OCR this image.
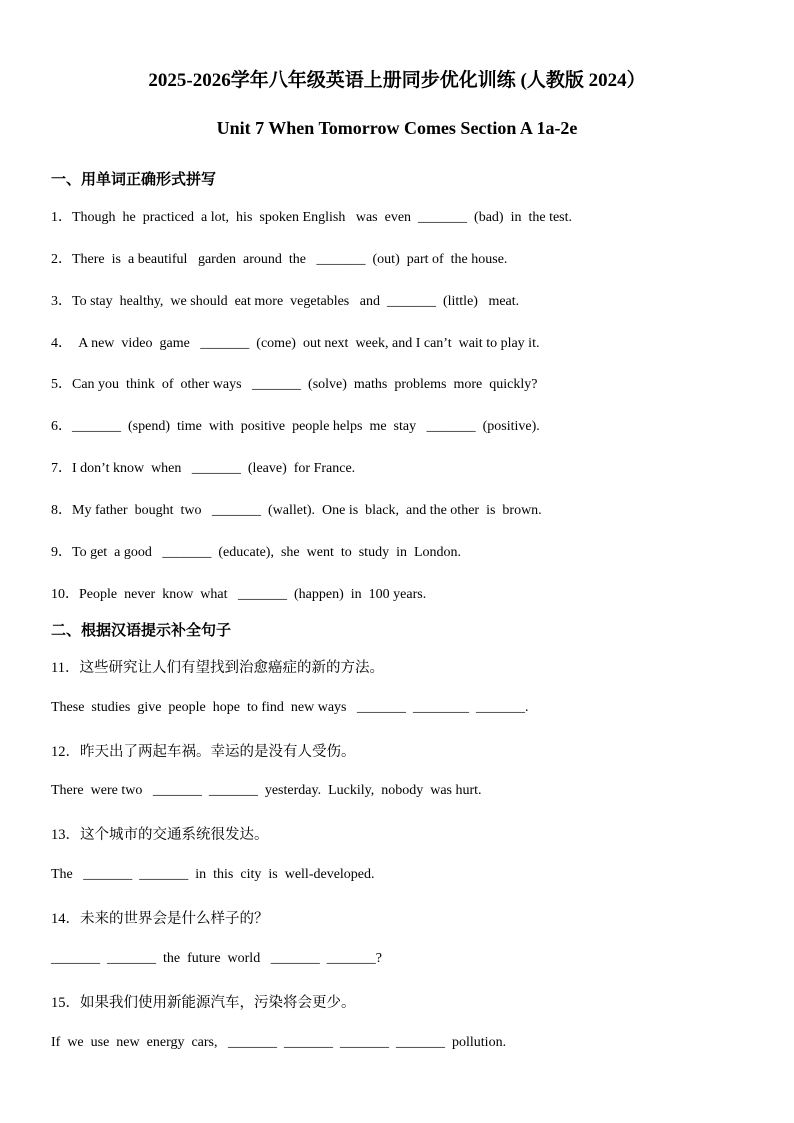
2025-2026学年八年级英语上册同步优化训练 (人教版 2024）
Unit 7 When Tomorrow Comes Section A 1a-2e
一、用单词正确形式拼写
1．Though  he  practiced  a lot,  his  spoken English   was  even  _______  (bad)  in  the test.
2．There  is  a beautiful   garden  around  the   _______  (out)  part of  the house.
3．To stay  healthy,  we should  eat more  vegetables   and  _______  (little)   meat.
4．  A new  video  game   _______  (come)  out next  week, and I can’t  wait to play it.
5．Can you  think  of  other ways   _______  (solve)  maths  problems  more  quickly?
6．_______  (spend)  time  with  positive  people helps  me  stay   _______  (positive).
7．I don’t know  when   _______  (leave)  for France.
8．My father  bought  two   _______  (wallet).  One is  black,  and the other  is  brown.
9．To get  a good   _______  (educate),  she  went  to  study  in  London.
10．People  never  know  what   _______  (happen)  in  100 years.
二、根据汉语提示补全句子
11．这些研究让人们有望找到治愈癌症的新的方法。
These  studies  give  people  hope  to find  new ways   _______  ________  _______.
12．昨天出了两起车祸。幸运的是没有人受伤。
There  were two   _______  _______  yesterday.  Luckily,  nobody  was hurt.
13．这个城市的交通系统很发达。
The   _______  _______  in  this  city  is  well-developed.
14．未来的世界会是什么样子的？
_______  _______  the  future  world   _______  _______?
15．如果我们使用新能源汽车，污染将会更少。
If  we  use  new  energy  cars,   _______  _______  _______  _______  pollution.
